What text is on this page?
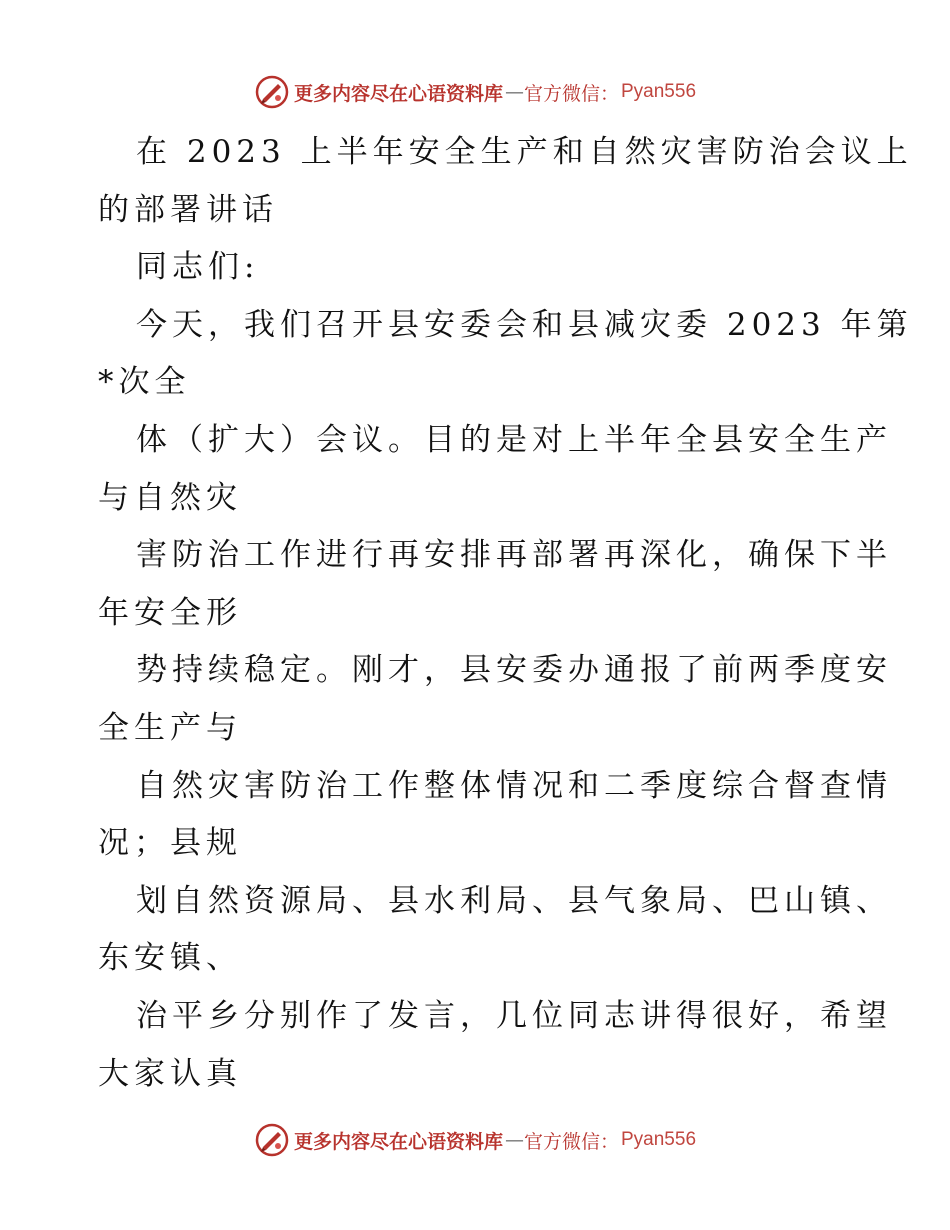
更多内容尽在心语资料库 — 官方微信： Pyan556
在 2023 上半年安全生产和自然灾害防治会议上
的部署讲话
同志们:
今天，我们召开县安委会和县减灾委 2023 年第
*次全
体（扩大）会议。目的是对上半年全县安全生产
与自然灾
害防治工作进行再安排再部署再深化，确保下半
年安全形
势持续稳定。刚才，县安委办通报了前两季度安
全生产与
自然灾害防治工作整体情况和二季度综合督查情
况；县规
划自然资源局、县水利局、县气象局、巴山镇、
东安镇、
治平乡分别作了发言，几位同志讲得很好，希望
大家认真
更多内容尽在心语资料库 — 官方微信： Pyan556
